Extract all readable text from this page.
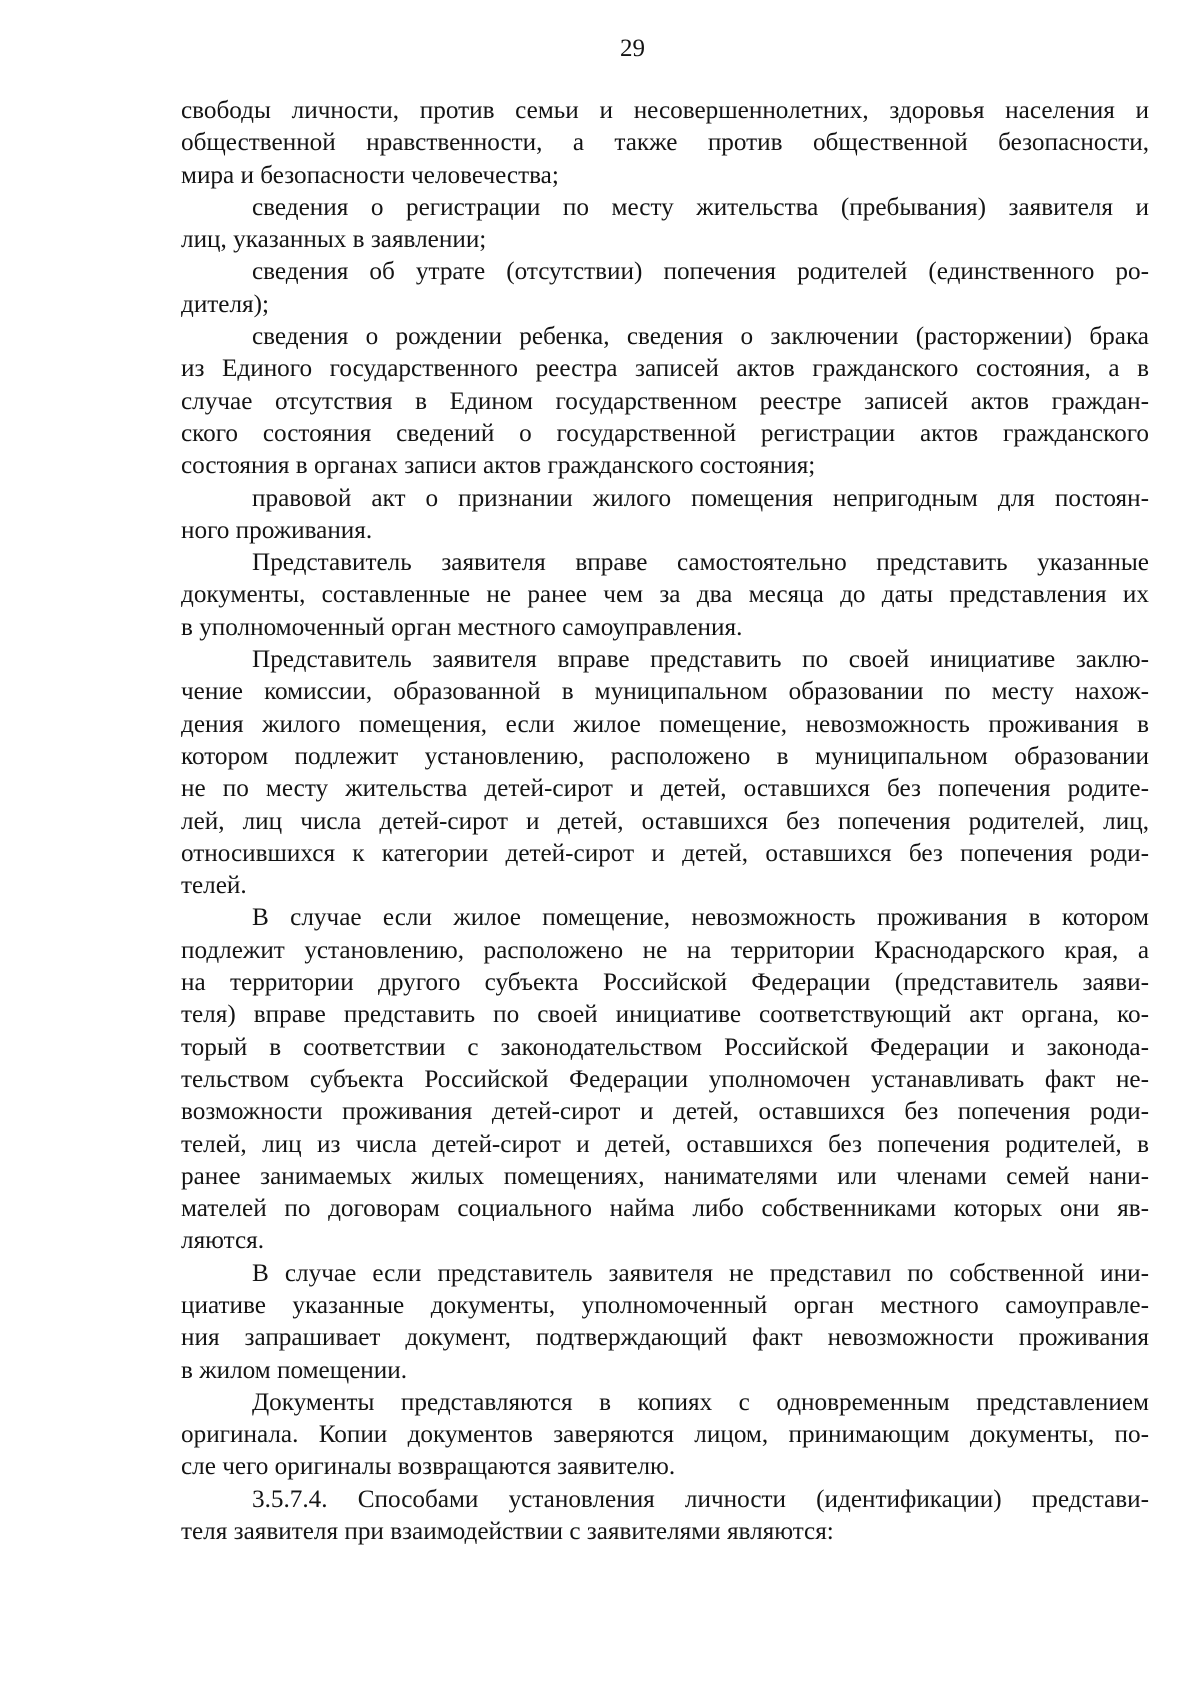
29
свободы личности, против семьи и несовершеннолетних, здоровья населения и
общественной нравственности, а также против общественной безопасности,
мира и безопасности человечества;
сведения о регистрации по месту жительства (пребывания) заявителя и
лиц, указанных в заявлении;
сведения об утрате (отсутствии) попечения родителей (единственного ро-
дителя);
сведения о рождении ребенка, сведения о заключении (расторжении) брака
из Единого государственного реестра записей актов гражданского состояния, а в
случае отсутствия в Едином государственном реестре записей актов граждан-
ского состояния сведений о государственной регистрации актов гражданского
состояния в органах записи актов гражданского состояния;
правовой акт о признании жилого помещения непригодным для постоян-
ного проживания.
Представитель заявителя вправе самостоятельно представить указанные
документы, составленные не ранее чем за два месяца до даты представления их
в уполномоченный орган местного самоуправления.
Представитель заявителя вправе представить по своей инициативе заклю-
чение комиссии, образованной в муниципальном образовании по месту нахож-
дения жилого помещения, если жилое помещение, невозможность проживания в
котором подлежит установлению, расположено в муниципальном образовании
не по месту жительства детей-сирот и детей, оставшихся без попечения родите-
лей, лиц числа детей-сирот и детей, оставшихся без попечения родителей, лиц,
относившихся к категории детей-сирот и детей, оставшихся без попечения роди-
телей.
В случае если жилое помещение, невозможность проживания в котором
подлежит установлению, расположено не на территории Краснодарского края, а
на территории другого субъекта Российской Федерации (представитель заяви-
теля) вправе представить по своей инициативе соответствующий акт органа, ко-
торый в соответствии с законодательством Российской Федерации и законода-
тельством субъекта Российской Федерации уполномочен устанавливать факт не-
возможности проживания детей-сирот и детей, оставшихся без попечения роди-
телей, лиц из числа детей-сирот и детей, оставшихся без попечения родителей, в
ранее занимаемых жилых помещениях, нанимателями или членами семей нани-
мателей по договорам социального найма либо собственниками которых они яв-
ляются.
В случае если представитель заявителя не представил по собственной ини-
циативе указанные документы, уполномоченный орган местного самоуправле-
ния запрашивает документ, подтверждающий факт невозможности проживания
в жилом помещении.
Документы представляются в копиях с одновременным представлением
оригинала. Копии документов заверяются лицом, принимающим документы, по-
сле чего оригиналы возвращаются заявителю.
3.5.7.4. Способами установления личности (идентификации) представи-
теля заявителя при взаимодействии с заявителями являются:
